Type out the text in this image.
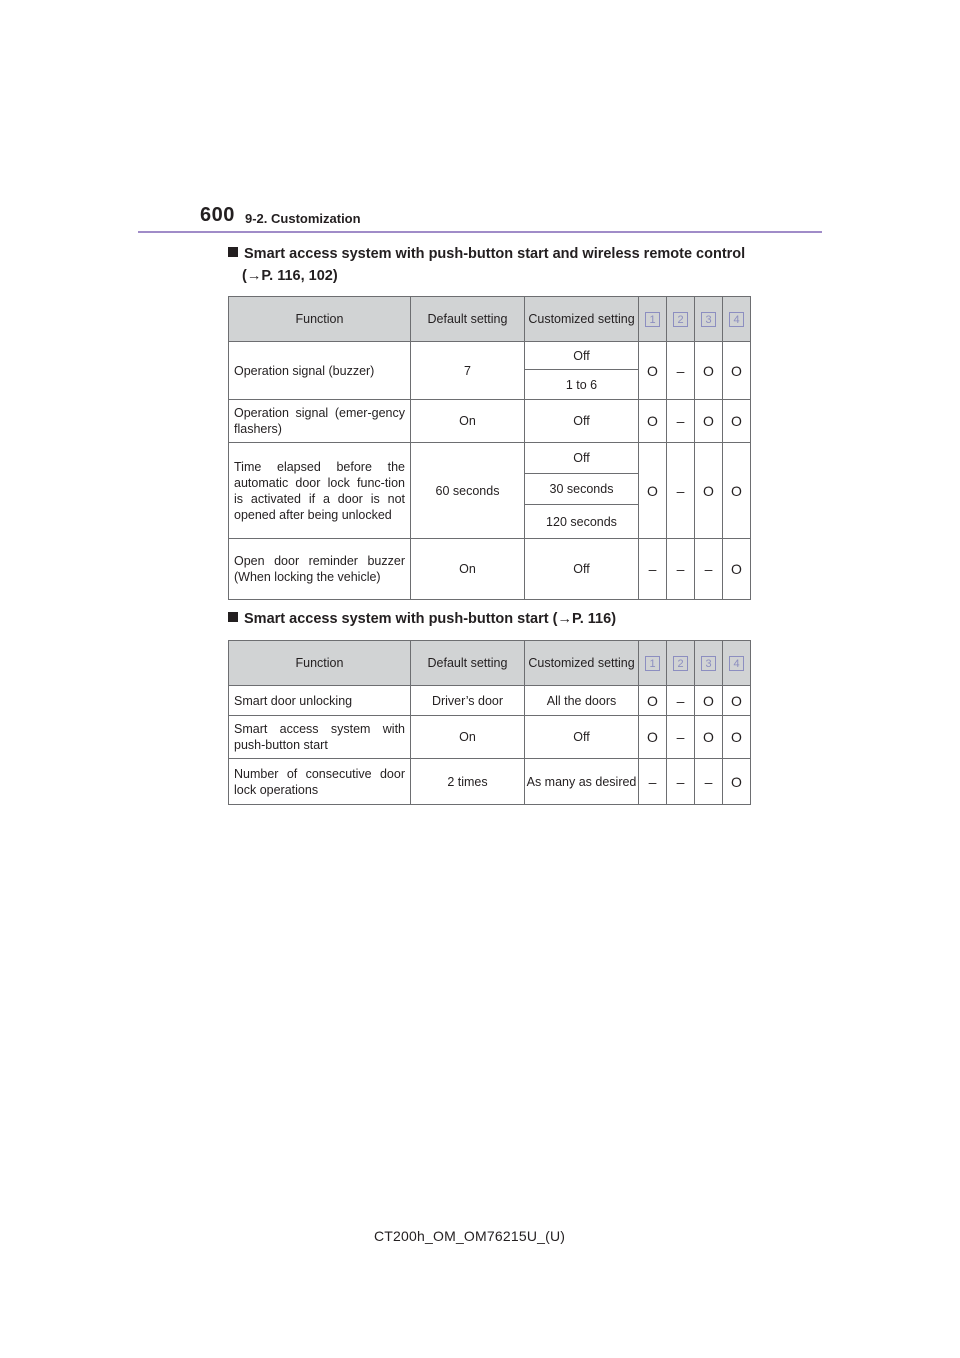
600 9-2. Customization
Smart access system with push-button start and wireless remote control
(→P. 116, 102)
Function	Default setting	Customized setting	1	2	3	4
Operation signal (buzzer)	7	Off	O	–	O	O
		1 to 6				
Operation signal (emer-gency flashers)	On	Off	O	–	O	O
Time elapsed before the automatic door lock func-tion is activated if a door is not opened after being unlocked	60 seconds	Off	O	–	O	O
		30 seconds				
		120 seconds				
Open door reminder buzzer (When locking the vehicle)	On	Off	–	–	–	O
Smart access system with push-button start (→P. 116)
Function	Default setting	Customized setting	1	2	3	4
Smart door unlocking	Driver’s door	All the doors	O	–	O	O
Smart access system with push-button start	On	Off	O	–	O	O
Number of consecutive door lock operations	2 times	As many as desired	–	–	–	O
CT200h_OM_OM76215U_(U)
